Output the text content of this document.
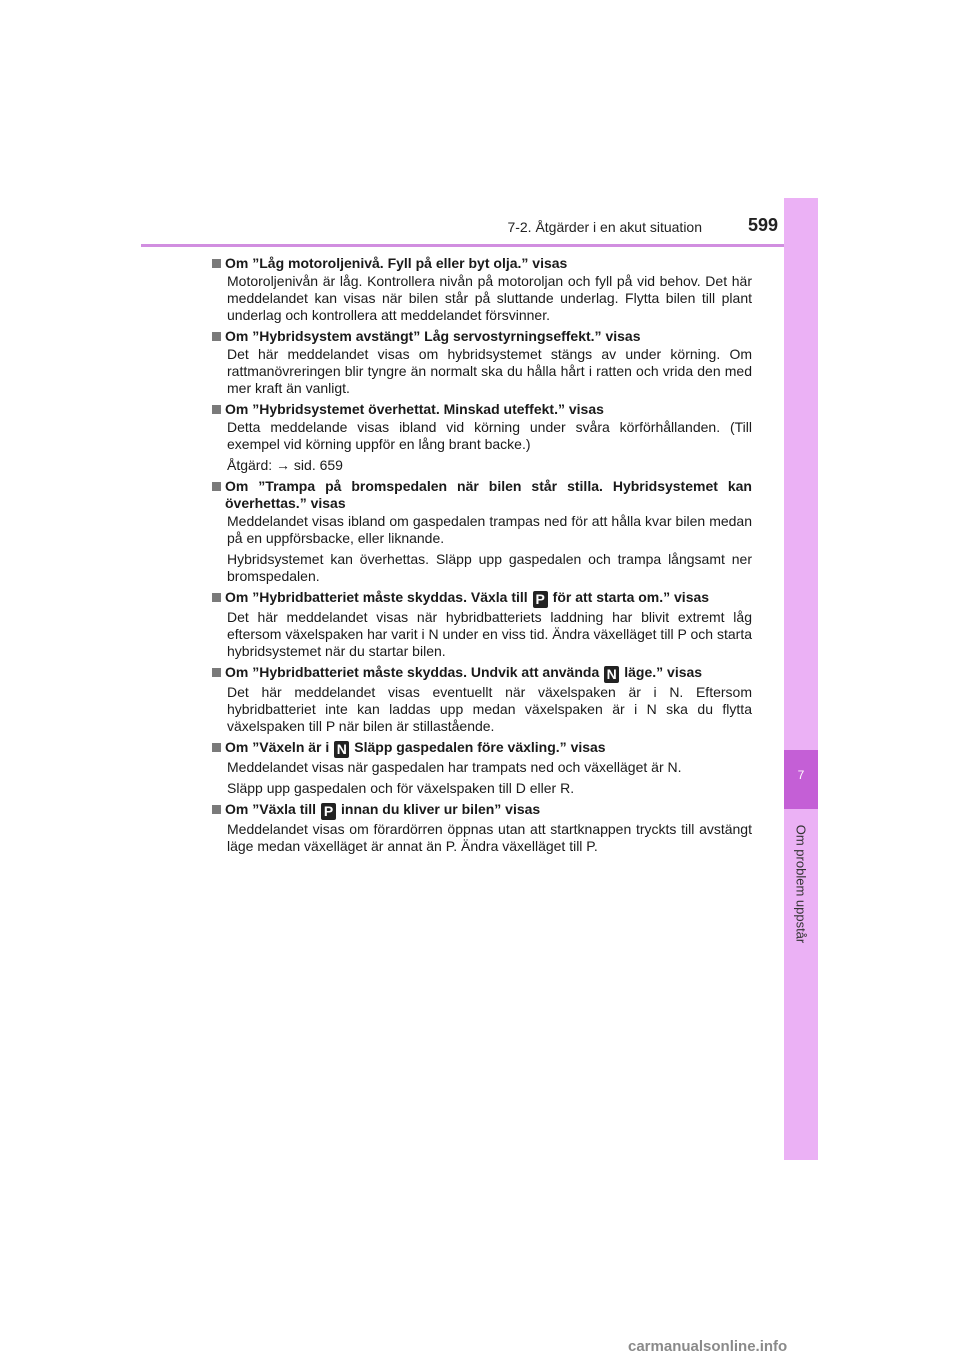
7-2. Åtgärder i en akut situation	599
7
Om problem uppstår
Om ”Låg motoroljenivå. Fyll på eller byt olja.” visas

Motoroljenivån är låg. Kontrollera nivån på motoroljan och fyll på vid behov. Det här meddelandet kan visas när bilen står på sluttande underlag. Flytta bilen till plant underlag och kontrollera att meddelandet försvinner.

Om ”Hybridsystem avstängt” Låg servostyrningseffekt.” visas

Det här meddelandet visas om hybridsystemet stängs av under körning. Om rattmanövreringen blir tyngre än normalt ska du hålla hårt i ratten och vrida den med mer kraft än vanligt.

Om ”Hybridsystemet överhettat. Minskad uteffekt.” visas

Detta meddelande visas ibland vid körning under svåra körförhållanden. (Till exempel vid körning uppför en lång brant backe.)

Åtgärd: → sid. 659

Om ”Trampa på bromspedalen när bilen står stilla. Hybridsystemet kan överhettas.” visas

Meddelandet visas ibland om gaspedalen trampas ned för att hålla kvar bilen medan på en uppförsbacke, eller liknande.

Hybridsystemet kan överhettas. Släpp upp gaspedalen och trampa långsamt ner bromspedalen.

Om ”Hybridbatteriet måste skyddas. Växla till P för att starta om.” visas

Det här meddelandet visas när hybridbatteriets laddning har blivit extremt låg eftersom växelspaken har varit i N under en viss tid. Ändra växelläget till P och starta hybridsystemet när du startar bilen.

Om ”Hybridbatteriet måste skyddas. Undvik att använda N läge.” visas

Det här meddelandet visas eventuellt när växelspaken är i N. Eftersom hybridbatteriet inte kan laddas upp medan växelspaken är i N ska du flytta växelspaken till P när bilen är stillastående.

Om ”Växeln är i N Släpp gaspedalen före växling.” visas

Meddelandet visas när gaspedalen har trampats ned och växelläget är N.

Släpp upp gaspedalen och för växelspaken till D eller R.

Om ”Växla till P innan du kliver ur bilen” visas

Meddelandet visas om förardörren öppnas utan att startknappen tryckts till avstängt läge medan växelläget är annat än P. Ändra växelläget till P.

carmanualsonline.info
